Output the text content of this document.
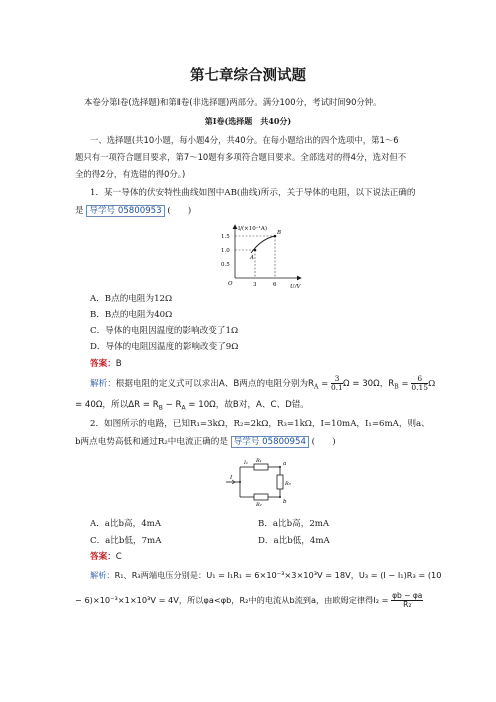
第七章综合测试题
本卷分第Ⅰ卷(选择题)和第Ⅱ卷(非选择题)两部分。满分100分，考试时间90分钟。
第Ⅰ卷(选择题　共40分)
一、选择题(共10小题，每小题4分，共40分。在每小题给出的四个选项中，第1～6
题只有一项符合题目要求，第7～10题有多项符合题目要求。全部选对的得4分，选对但不
全的得2分，有选错的得0分。)
1．某一导体的伏安特性曲线如图中AB(曲线)所示，关于导体的电阻，以下说法正确的
是 导学号 05800953 (　　)
I/(×10⁻¹A)
U/V
O
1.5
1.0
0.5
3	6
A
B
A．B点的电阻为12Ω
B．B点的电阻为40Ω
C．导体的电阻因温度的影响改变了1Ω
D．导体的电阻因温度的影响改变了9Ω
答案：B
解析：根据电阻的定义式可以求出A、B两点的电阻分别为$R_A = \frac{3}{0.1}$ Ω = 30Ω，$R_B = \frac{6}{0.15}$ Ω
= 40Ω，所以$\Delta R = R_B - R_A = 10\Omega$，故B对，A、C、D错。
2．如图所示的电路，已知R₁=3kΩ，R₂=2kΩ，R₃=1kΩ，I=10mA，I₁=6mA，则a、
b两点电势高低和通过R₂中电流正确的是 导学号 05800954 (　　)
I
I₁ R₁
R₂
R₃
a
b
A．a比b高，4mA	B．a比b高，2mA
C．a比b低，7mA	D．a比b低，4mA
答案：C
解析：R₁、R₃两端电压分别是：U₁ = I₁R₁ = 6×10⁻³×3×10³V = 18V，U₃ = (I − I₁)R₃ = (10
− 6)×10⁻³×1×10³V = 4V，所以φa<φb，R₂中的电流从b流到a，由欧姆定律得$I_2 = \frac{\varphi b - \varphi a}{\text{R₂}}$
